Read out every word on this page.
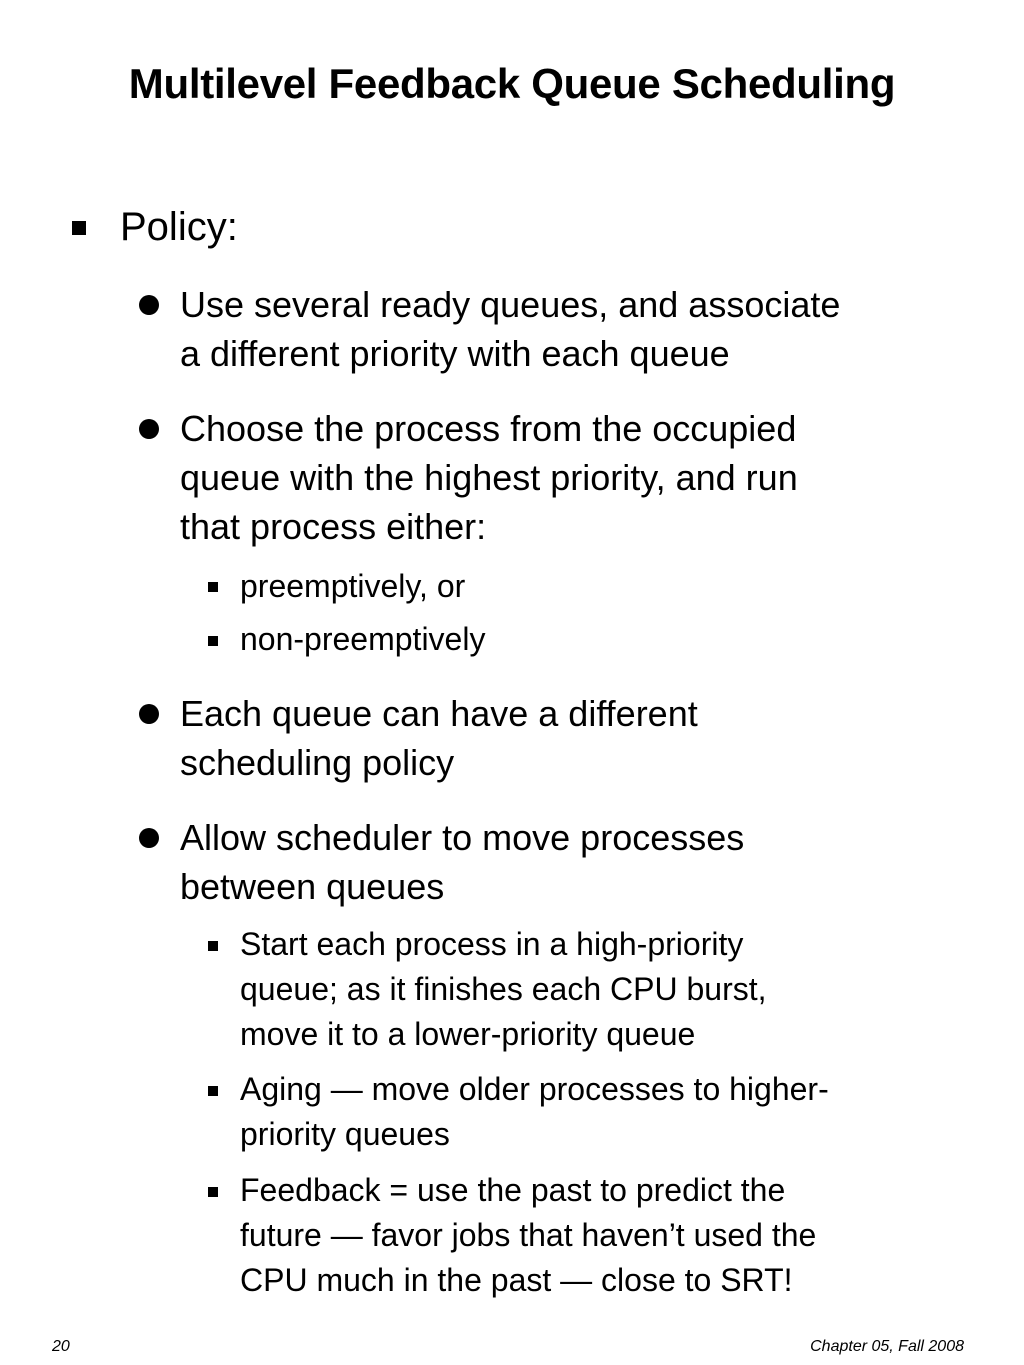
Multilevel Feedback Queue Scheduling
Policy:
Use several ready queues, and associate
a different priority with each queue
Choose the process from the occupied
queue with the highest priority, and run
that process either:
preemptively, or
non-preemptively
Each queue can have a different
scheduling policy
Allow scheduler to move processes
between queues
Start each process in a high-priority
queue; as it finishes each CPU burst,
move it to a lower-priority queue
Aging — move older processes to higher-
priority queues
Feedback = use the past to predict the
future — favor jobs that haven’t used the
CPU much in the past — close to SRT!
20	Chapter 05, Fall 2008
